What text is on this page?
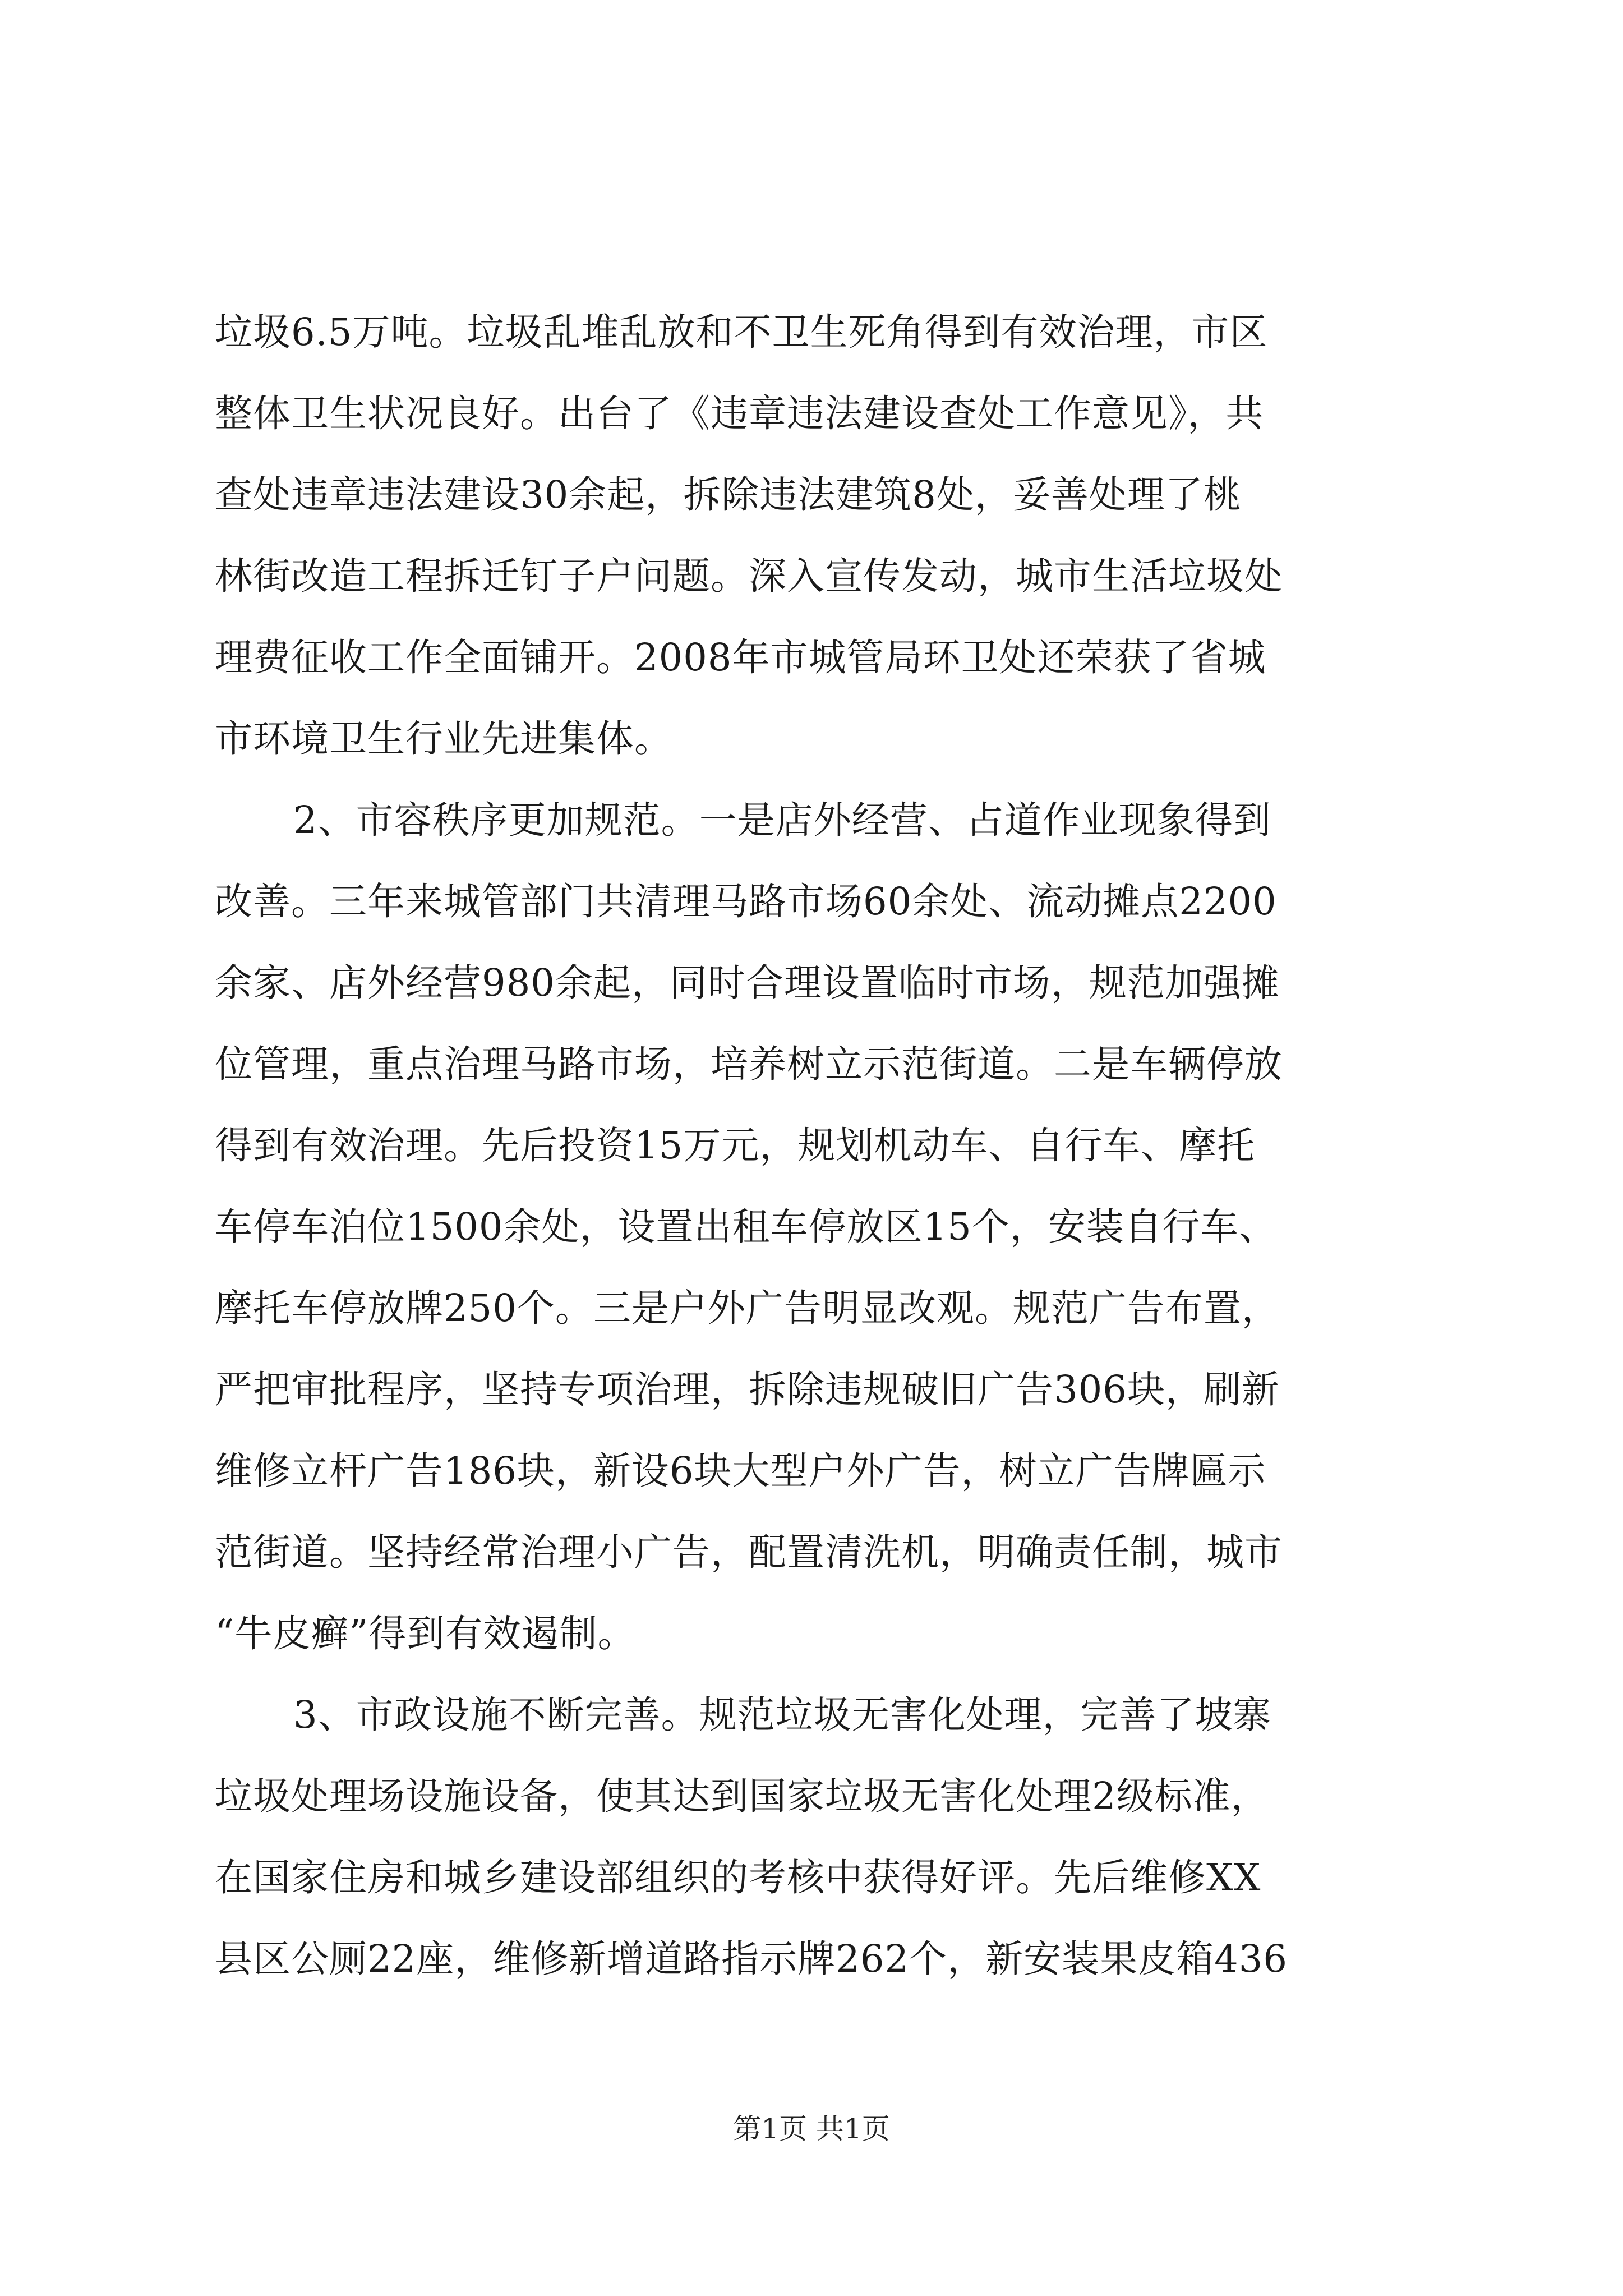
垃圾6.5万吨。垃圾乱堆乱放和不卫生死角得到有效治理，市区
整体卫生状况良好。出台了《违章违法建设查处工作意见》，共
查处违章违法建设30余起，拆除违法建筑8处，妥善处理了桃
林街改造工程拆迁钉子户问题。深入宣传发动，城市生活垃圾处
理费征收工作全面铺开。2008年市城管局环卫处还荣获了省城
市环境卫生行业先进集体。
2、市容秩序更加规范。一是店外经营、占道作业现象得到
改善。三年来城管部门共清理马路市场60余处、流动摊点2200
余家、店外经营980余起，同时合理设置临时市场，规范加强摊
位管理，重点治理马路市场，培养树立示范街道。二是车辆停放
得到有效治理。先后投资15万元，规划机动车、自行车、摩托
车停车泊位1500余处，设置出租车停放区15个，安装自行车、
摩托车停放牌250个。三是户外广告明显改观。规范广告布置，
严把审批程序，坚持专项治理，拆除违规破旧广告306块，刷新
维修立杆广告186块，新设6块大型户外广告，树立广告牌匾示
范街道。坚持经常治理小广告，配置清洗机，明确责任制，城市
“牛皮癣”得到有效遏制。
3、市政设施不断完善。规范垃圾无害化处理，完善了坡寨
垃圾处理场设施设备，使其达到国家垃圾无害化处理2级标准，
在国家住房和城乡建设部组织的考核中获得好评。先后维修XX
县区公厕22座，维修新增道路指示牌262个，新安装果皮箱436
第1页 共1页
